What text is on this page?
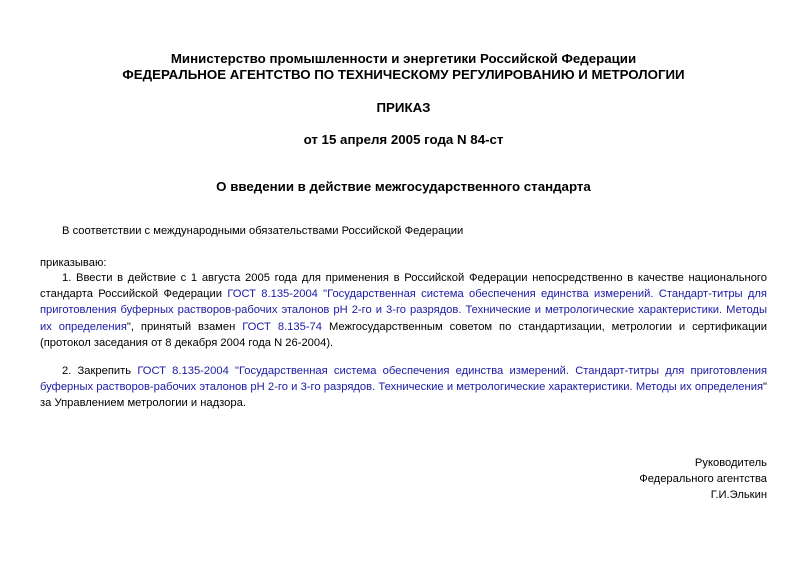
Министерство промышленности и энергетики Российской Федерации
ФЕДЕРАЛЬНОЕ АГЕНТСТВО ПО ТЕХНИЧЕСКОМУ РЕГУЛИРОВАНИЮ И МЕТРОЛОГИИ
ПРИКАЗ
от 15 апреля 2005 года N 84-ст
О введении в действие межгосударственного стандарта
В соответствии с международными обязательствами Российской Федерации
приказываю:
1. Ввести в действие с 1 августа 2005 года для применения в Российской Федерации непосредственно в качестве национального стандарта Российской Федерации ГОСТ 8.135-2004 "Государственная система обеспечения единства измерений. Стандарт-титры для приготовления буферных растворов-рабочих эталонов pH 2-го и 3-го разрядов. Технические и метрологические характеристики. Методы их определения", принятый взамен ГОСТ 8.135-74 Межгосударственным советом по стандартизации, метрологии и сертификации (протокол заседания от 8 декабря 2004 года N 26-2004).
2. Закрепить ГОСТ 8.135-2004 "Государственная система обеспечения единства измерений. Стандарт-титры для приготовления буферных растворов-рабочих эталонов pH 2-го и 3-го разрядов. Технические и метрологические характеристики. Методы их определения" за Управлением метрологии и надзора.
Руководитель
Федерального агентства
Г.И.Элькин
